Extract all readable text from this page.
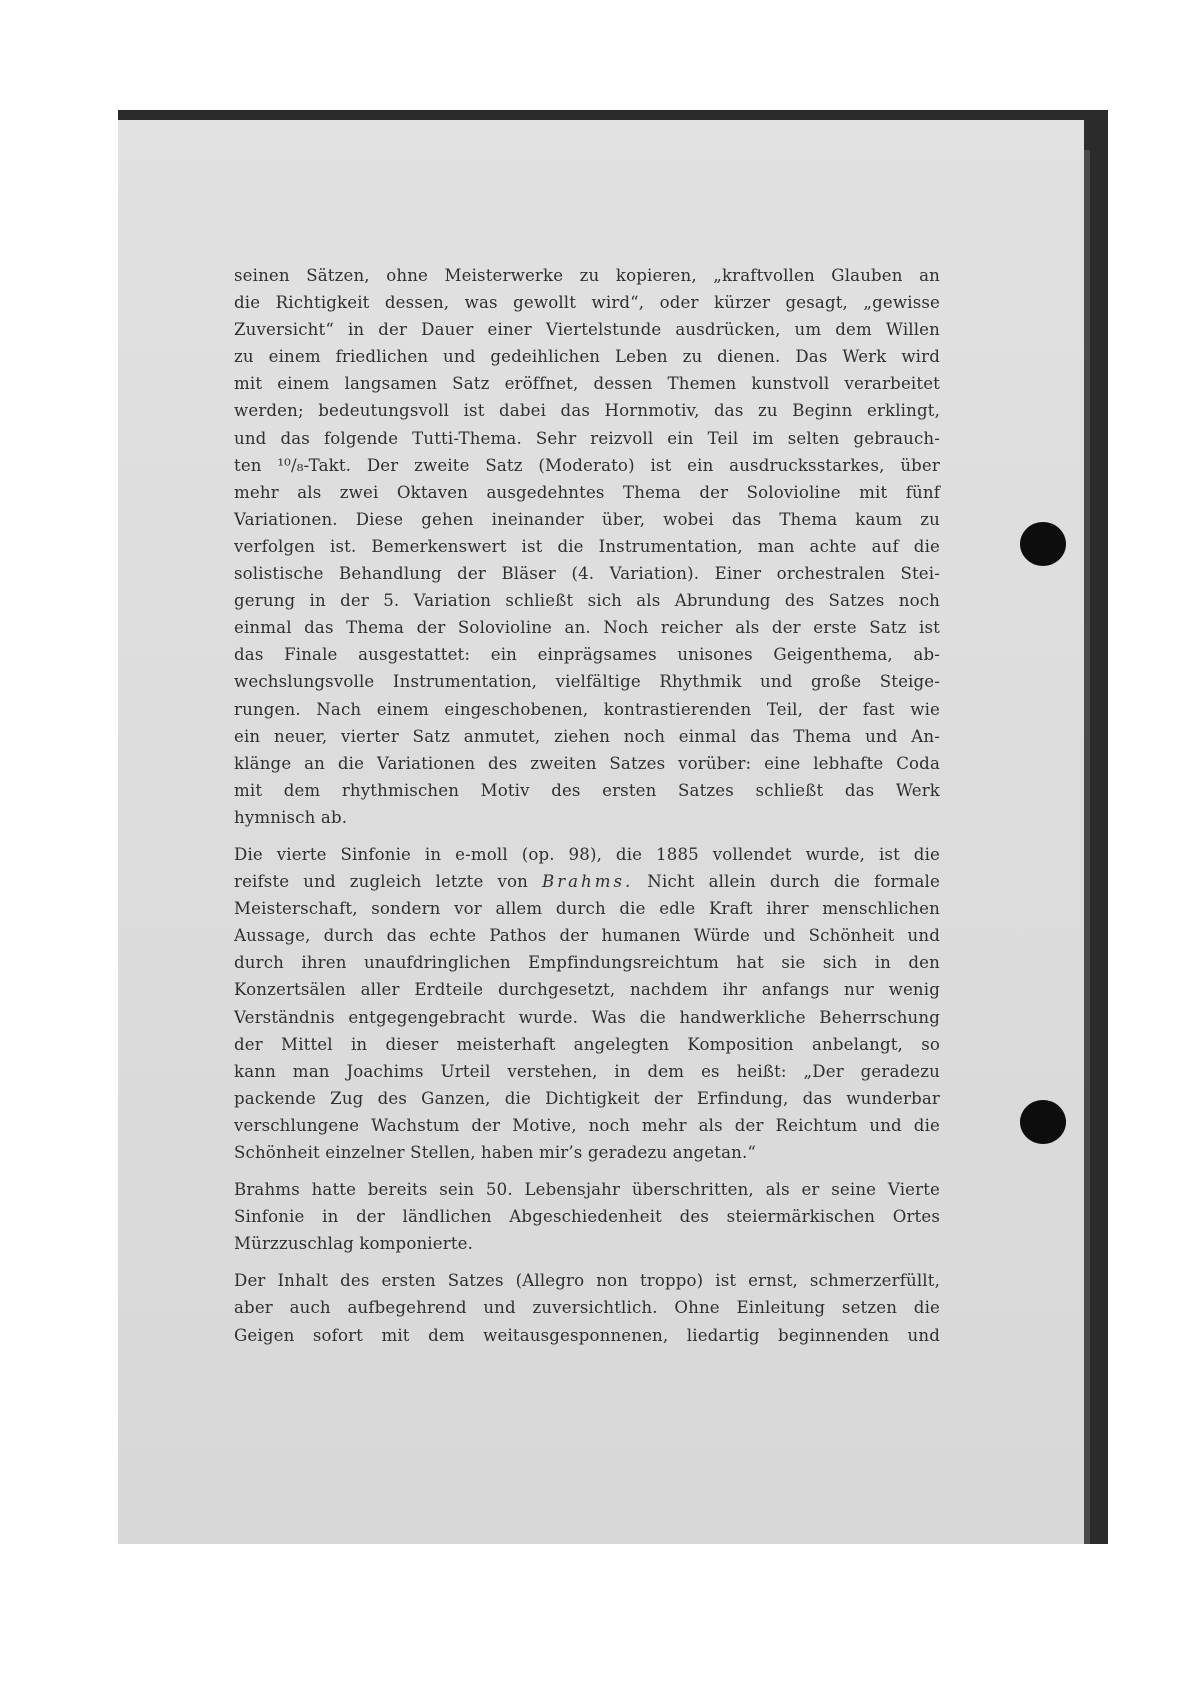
seinen Sätzen, ohne Meisterwerke zu kopieren, „kraftvollen Glauben an
die Richtigkeit dessen, was gewollt wird“, oder kürzer gesagt, „gewisse
Zuversicht“ in der Dauer einer Viertelstunde ausdrücken, um dem Willen
zu einem friedlichen und gedeihlichen Leben zu dienen. Das Werk wird
mit einem langsamen Satz eröffnet, dessen Themen kunstvoll verarbeitet
werden; bedeutungsvoll ist dabei das Hornmotiv, das zu Beginn erklingt,
und das folgende Tutti-Thema. Sehr reizvoll ein Teil im selten gebrauch-
ten ¹⁰/₈-Takt. Der zweite Satz (Moderato) ist ein ausdrucksstarkes, über
mehr als zwei Oktaven ausgedehntes Thema der Solovioline mit fünf
Variationen. Diese gehen ineinander über, wobei das Thema kaum zu
verfolgen ist. Bemerkenswert ist die Instrumentation, man achte auf die
solistische Behandlung der Bläser (4. Variation). Einer orchestralen Stei-
gerung in der 5. Variation schließt sich als Abrundung des Satzes noch
einmal das Thema der Solovioline an. Noch reicher als der erste Satz ist
das Finale ausgestattet: ein einprägsames unisones Geigenthema, ab-
wechslungsvolle Instrumentation, vielfältige Rhythmik und große Steige-
rungen. Nach einem eingeschobenen, kontrastierenden Teil, der fast wie
ein neuer, vierter Satz anmutet, ziehen noch einmal das Thema und An-
klänge an die Variationen des zweiten Satzes vorüber: eine lebhafte Coda
mit dem rhythmischen Motiv des ersten Satzes schließt das Werk
hymnisch ab.

Die vierte Sinfonie in e-moll (op. 98), die 1885 vollendet wurde, ist die
reifste und zugleich letzte von Brahms. Nicht allein durch die formale
Meisterschaft, sondern vor allem durch die edle Kraft ihrer menschlichen
Aussage, durch das echte Pathos der humanen Würde und Schönheit und
durch ihren unaufdringlichen Empfindungsreichtum hat sie sich in den
Konzertsälen aller Erdteile durchgesetzt, nachdem ihr anfangs nur wenig
Verständnis entgegengebracht wurde. Was die handwerkliche Beherrschung
der Mittel in dieser meisterhaft angelegten Komposition anbelangt, so
kann man Joachims Urteil verstehen, in dem es heißt: „Der geradezu
packende Zug des Ganzen, die Dichtigkeit der Erfindung, das wunderbar
verschlungene Wachstum der Motive, noch mehr als der Reichtum und die
Schönheit einzelner Stellen, haben mir’s geradezu angetan.“

Brahms hatte bereits sein 50. Lebensjahr überschritten, als er seine Vierte
Sinfonie in der ländlichen Abgeschiedenheit des steiermärkischen Ortes
Mürzzuschlag komponierte.

Der Inhalt des ersten Satzes (Allegro non troppo) ist ernst, schmerzerfüllt,
aber auch aufbegehrend und zuversichtlich. Ohne Einleitung setzen die
Geigen sofort mit dem weitausgesponnenen, liedartig beginnenden und
